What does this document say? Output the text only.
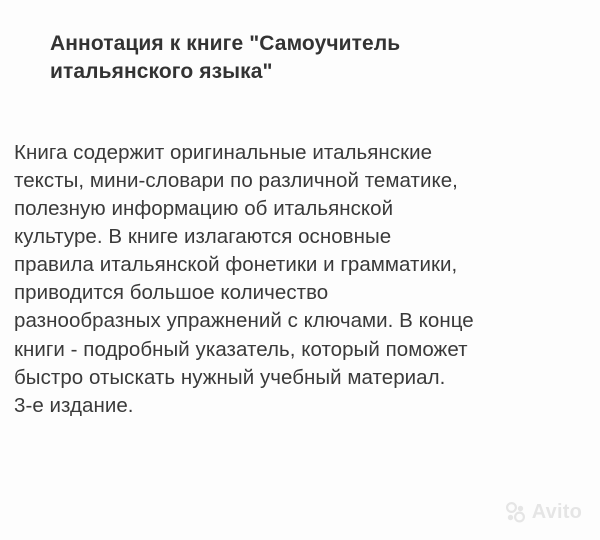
Аннотация к книге "Самоучитель итальянского языка"
Книга содержит оригинальные итальянские
тексты, мини-словари по различной тематике,
полезную информацию об итальянской
культуре. В книге излагаются основные
правила итальянской фонетики и грамматики,
приводится большое количество
разнообразных упражнений с ключами. В конце
книги - подробный указатель, который поможет
быстро отыскать нужный учебный материал.
3-е издание.
Avito
